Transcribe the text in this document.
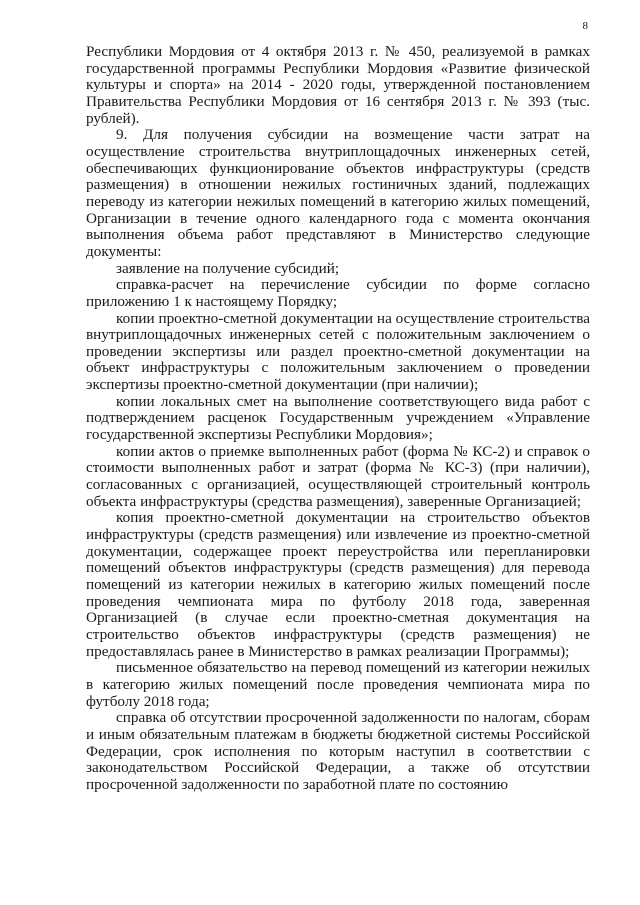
8

Республики Мордовия от 4 октября 2013 г. № 450, реализуемой в рамках государственной программы Республики Мордовия «Развитие физической культуры и спорта» на 2014 - 2020 годы, утвержденной постановлением Правительства Республики Мордовия от 16 сентября 2013 г. № 393 (тыс. рублей).

9. Для получения субсидии на возмещение части затрат на осуществление строительства внутриплощадочных инженерных сетей, обеспечивающих функционирование объектов инфраструктуры (средств размещения) в отношении нежилых гостиничных зданий, подлежащих переводу из категории нежилых помещений в категорию жилых помещений, Организации в течение одного календарного года с момента окончания выполнения объема работ представляют в Министерство следующие документы:

заявление на получение субсидий;

справка-расчет на перечисление субсидии по форме согласно приложению 1 к настоящему Порядку;

копии проектно-сметной документации на осуществление строительства внутриплощадочных инженерных сетей с положительным заключением о проведении экспертизы или раздел проектно-сметной документации на объект инфраструктуры с положительным заключением о проведении экспертизы проектно-сметной документации (при наличии);

копии локальных смет на выполнение соответствующего вида работ с подтверждением расценок Государственным учреждением «Управление государственной экспертизы Республики Мордовия»;

копии актов о приемке выполненных работ (форма № КС-2) и справок о стоимости выполненных работ и затрат (форма № КС-3) (при наличии), согласованных с организацией, осуществляющей строительный контроль объекта инфраструктуры (средства размещения), заверенные Организацией;

копия проектно-сметной документации на строительство объектов инфраструктуры (средств размещения) или извлечение из проектно-сметной документации, содержащее проект переустройства или перепланировки помещений объектов инфраструктуры (средств размещения) для перевода помещений из категории нежилых в категорию жилых помещений после проведения чемпионата мира по футболу 2018 года, заверенная Организацией (в случае если проектно-сметная документация на строительство объектов инфраструктуры (средств размещения) не предоставлялась ранее в Министерство в рамках реализации Программы);

письменное обязательство на перевод помещений из категории нежилых в категорию жилых помещений после проведения чемпионата мира по футболу 2018 года;

справка об отсутствии просроченной задолженности по налогам, сборам и иным обязательным платежам в бюджеты бюджетной системы Российской Федерации, срок исполнения по которым наступил в соответствии с законодательством Российской Федерации, а также об отсутствии просроченной задолженности по заработной плате по состоянию
